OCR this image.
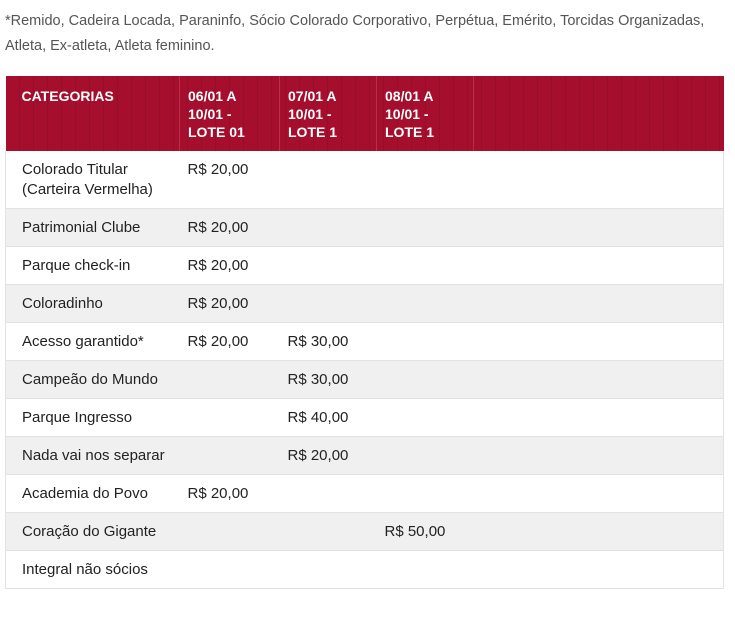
*Remido, Cadeira Locada, Paraninfo, Sócio Colorado Corporativo, Perpétua, Emérito, Torcidas Organizadas, Atleta, Ex-atleta, Atleta feminino.
CATEGORIAS	06/01 A 10/01 - LOTE 01	07/01 A 10/01 - LOTE 1	08/01 A 10/01 - LOTE 1	
Colorado Titular (Carteira Vermelha)	R$ 20,00			
Patrimonial Clube	R$ 20,00			
Parque check-in	R$ 20,00			
Coloradinho	R$ 20,00			
Acesso garantido*	R$ 20,00	R$ 30,00		
Campeão do Mundo		R$ 30,00		
Parque Ingresso		R$ 40,00		
Nada vai nos separar		R$ 20,00		
Academia do Povo	R$ 20,00			
Coração do Gigante			R$ 50,00	
Integral não sócios				
